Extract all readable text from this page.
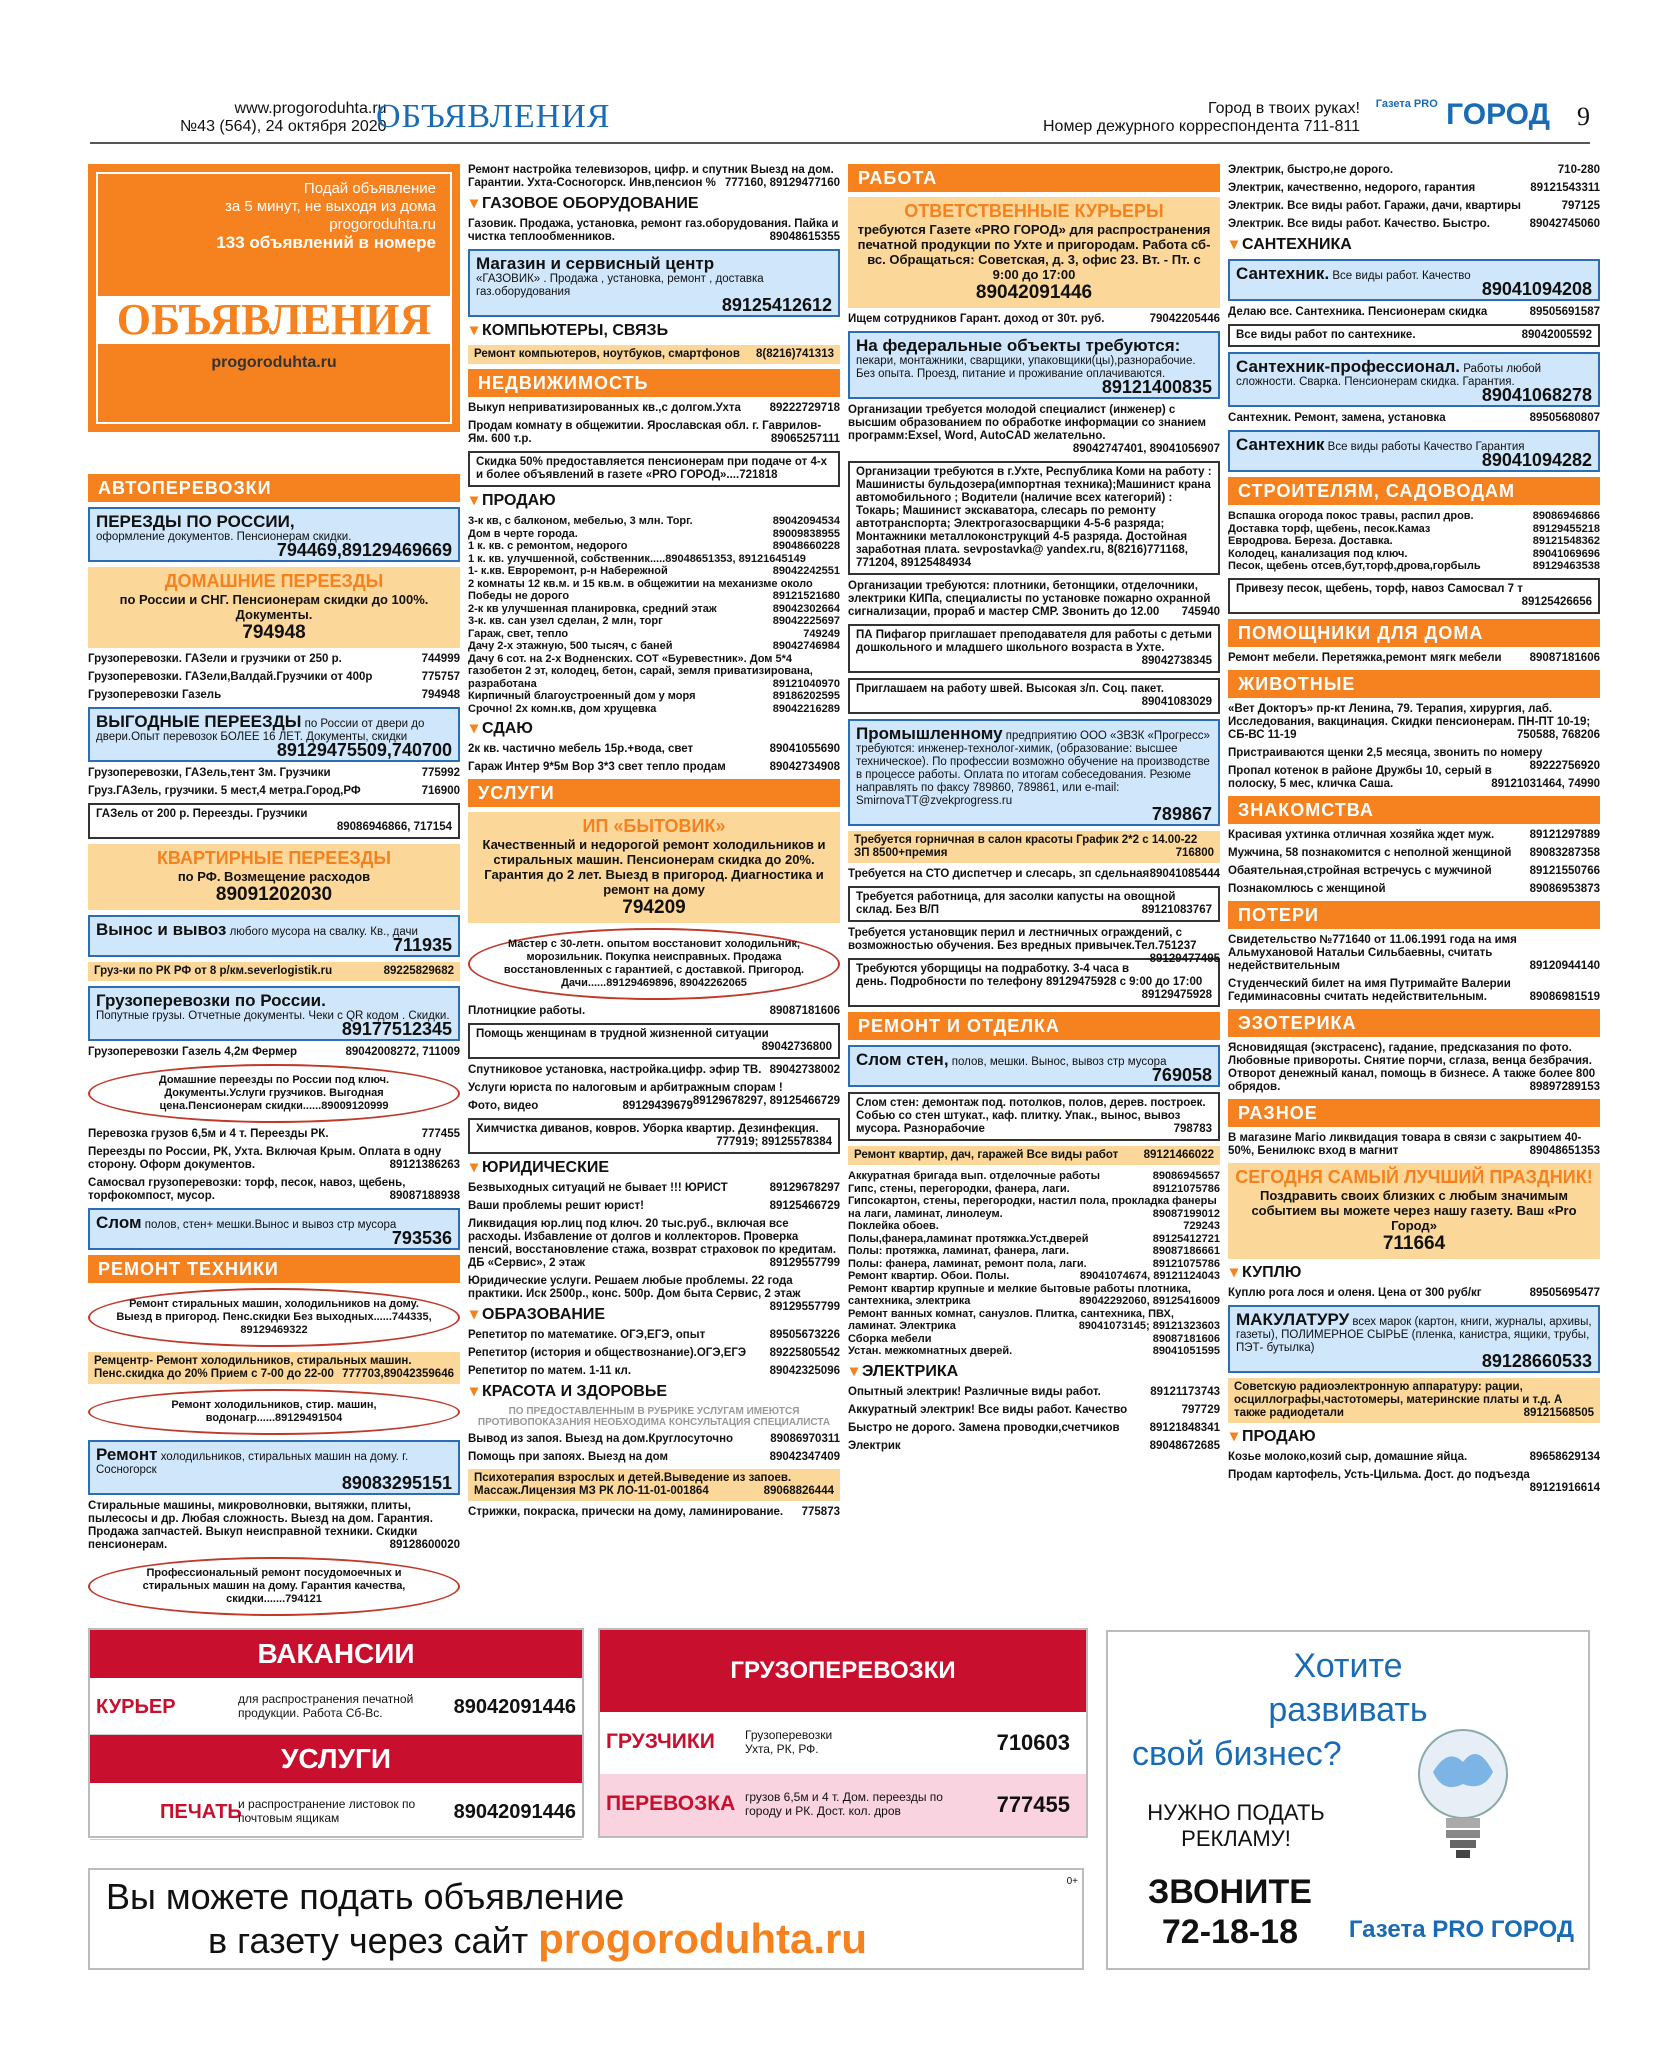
www.progoroduhta.ru
№43 (564), 24 октября 2020
ОБЪЯВЛЕНИЯ	Город в твоих руках!
Номер дежурного корреспондента 711-811
$^{Газета PRO}$ ГОРОД 9
Подай объявление
за 5 минут, не выходя из дома
progoroduhta.ru
133 объявлений в номере
ОБЪЯВЛЕНИЯ
progoroduhta.ru
АВТОПЕРЕВОЗКИ
ПЕРЕЗДЫ ПО РОССИИ,
оформление документов. Пенсионерам скидки.
794469,89129469669
ДОМАШНИЕ ПЕРЕЕЗДЫ
по России и СНГ. Пенсионерам скидки до 100%. Документы.
794948
Грузоперевозки. ГАЗели и грузчики от 250 р.	744999
Грузоперевозки. ГАЗели,Валдай.Грузчики от 400р	775757
Грузоперевозки Газель	794948
ВЫГОДНЫЕ ПЕРЕЕЗДЫ по России от двери до двери.Опыт перевозок БОЛЕЕ 16 ЛЕТ. Документы, скидки
89129475509,740700
Грузоперевозки, ГАЗель,тент 3м. Грузчики	775992
Груз.ГАЗель, грузчики. 5 мест,4 метра.Город,РФ	716900
ГАЗель от 200 р. Переезды. Грузчики
89086946866, 717154
КВАРТИРНЫЕ ПЕРЕЕЗДЫ
по РФ. Возмещение расходов
89091202030
Вынос и вывоз любого мусора на свалку. Кв., дачи
711935
Груз-ки по РК РФ от 8 р/км.severlogistik.ru	89225829682
Грузоперевозки по России.
Попутные грузы. Отчетные документы. Чеки с QR кодом . Скидки.
89177512345
Грузоперевозки Газель 4,2м Фермер	89042008272, 711009
Домашние переезды по России под ключ. Документы.Услуги грузчиков. Выгодная цена.Пенсионерам скидки......89009120999
Перевозка грузов 6,5м и 4 т. Переезды РК.	777455
Переезды по России, РК, Ухта. Включая Крым. Оплата в одну сторону. Оформ документов.	89121386263
Самосвал грузоперевозки: торф, песок, навоз, щебень, торфокомпост, мусор.	89087188938
Слом полов, стен+ мешки.Вынос и вывоз стр мусора
793536
РЕМОНТ ТЕХНИКИ
Ремонт стиральных машин, холодильников на дому. Выезд в пригород. Пенс.скидки Без выходных......744335, 89129469322
Ремцентр- Ремонт холодильников, стиральных машин. Пенс.скидка до 20% Прием с 7-00 до 22-00 777703,89042359646
Ремонт холодильников, стир. машин, водонагр......89129491504
Ремонт холодильников, стиральных машин на дому. г. Сосногорск
89083295151
Стиральные машины, микроволновки, вытяжки, плиты, пылесосы и др. Любая сложность. Выезд на дом. Гарантия. Продажа запчастей. Выкуп неисправной техники. Скидки пенсионерам.	89128600020
Профессиональный ремонт посудомоечных и стиральных машин на дому. Гарантия качества, скидки.......794121
Ремонт настройка телевизоров, цифр. и спутник Выезд на дом. Гарантии. Ухта-Сосногорск. Инв,пенсион % 777160, 89129477160
▾ ГАЗОВОЕ ОБОРУДОВАНИЕ
Газовик. Продажа, установка, ремонт газ.оборудования. Пайка и чистка теплообменников.	89048615355
Магазин и сервисный центр
«ГАЗОВИК» . Продажа , установка, ремонт , доставка газ.оборудования
89125412612
▾ КОМПЬЮТЕРЫ, СВЯЗЬ
Ремонт компьютеров, ноутбуков, смартфонов 8(8216)741313
НЕДВИЖИМОСТЬ
Выкуп неприватизированных кв.,с долгом.Ухта 89222729718
Продам комнату в общежитии. Ярославская обл. г. Гаврилов-Ям. 600 т.р.	89065257111
Скидка 50% предоставляется пенсионерам при подаче от 4-х и более объявлений в газете «PRO ГОРОД»....721818
▾ ПРОДАЮ
3-к кв, с балконом, мебелью, 3 млн. Торг.	89042094534
Дом в черте города.	89009838955
1 к. кв. с ремонтом, недорого	89048660228
1 к. кв. улучшенной, собственник.....89048651353, 89121645149
1- к.кв. Евроремонт, р-н Набережной	89042242551
2 комнаты 12 кв.м. и 15 кв.м. в общежитии на механизме около Победы не дорого	89121521680
2-к кв улучшенная планировка, средний этаж	89042302664
3-к. кв. сан узел сделан, 2 млн, торг	89042225697
Гараж, свет, тепло	749249
Дачу 2-х этажную, 500 тысяч, с баней	89042746984
Дачу 6 сот. на 2-х Водненских. СОТ «Буревестник». Дом 5*4 газобетон 2 эт, колодец, бетон, сарай, земля приватизирована, разработана	89121040970
Кирпичный благоустроенный дом у моря	89186202595
Срочно! 2х комн.кв, дом хрущевка	89042216289
▾ СДАЮ
2к кв. частично мебель 15р.+вода, свет	89041055690
Гараж Интер 9*5м Вор 3*3 свет тепло продам	89042734908
УСЛУГИ
ИП «БЫТОВИК»
Качественный и недорогой ремонт холодильников и стиральных машин. Пенсионерам скидка до 20%. Гарантия до 2 лет. Выезд в пригород. Диагностика и ремонт на дому
794209
Мастер с 30-летн. опытом восстановит холодильник, морозильник. Покупка неисправных. Продажа восстановленных с гарантией, с доставкой. Пригород. Дачи......89129469896, 89042262065
Плотницкие работы.	89087181606
Помощь женщинам в трудной жизненной ситуации
89042736800
Спутниковое установка, настройка.цифр. эфир ТВ. 89042738002
Услуги юриста по налоговым и арбитражным спорам !
89129678297, 89125466729
Фото, видео	89129439679
Химчистка диванов, ковров. Уборка квартир. Дезинфекция.
777919; 89125578384
▾ ЮРИДИЧЕСКИЕ
Безвыходных ситуаций не бывает !!! ЮРИСТ	89129678297
Ваши проблемы решит юрист!	89125466729
Ликвидация юр.лиц под ключ. 20 тыс.руб., включая все расходы. Избавление от долгов и коллекторов. Проверка пенсий, восстановление стажа, возврат страховок по кредитам. ДБ «Сервис», 2 этаж	89129557799
Юридические услуги. Решаем любые проблемы. 22 года практики. Иск 2500р., конс. 500р. Дом быта Сервис, 2 этаж
89129557799
▾ ОБРАЗОВАНИЕ
Репетитор по математике. ОГЭ,ЕГЭ, опыт	89505673226
Репетитор (история и обществознание).ОГЭ,ЕГЭ 89225805542
Репетитор по матем. 1-11 кл.	89042325096
▾ КРАСОТА И ЗДОРОВЬЕ
ПО ПРЕДОСТАВЛЕННЫМ В РУБРИКЕ УСЛУГАМ ИМЕЮТСЯ ПРОТИВОПОКАЗАНИЯ НЕОБХОДИМА КОНСУЛЬТАЦИЯ СПЕЦИАЛИСТА
Вывод из запоя. Выезд на дом.Круглосуточно	89086970311
Помощь при запоях. Выезд на дом	89042347409
Психотерапия взрослых и детей.Выведение из запоев. Массаж.Лицензия МЗ РК ЛО-11-01-001864	89068826444
Стрижки, покраска, прически на дому, ламинирование. 775873
РАБОТА
ОТВЕТСТВЕННЫЕ КУРЬЕРЫ
требуются Газете «PRO ГОРОД» для распространения печатной продукции по Ухте и пригородам. Работа сб-вс. Обращаться: Советская, д. 3, офис 23. Вт. - Пт. с 9:00 до 17:00
89042091446
Ищем сотрудников Гарант. доход от 30т. руб.	79042205446
На федеральные объекты требуются:
пекари, монтажники, сварщики, упаковщики(цы),разнорабочие. Без опыта. Проезд, питание и проживание оплачиваются.
89121400835
Организации требуется молодой специалист (инженер) с высшим образованием по обработке информации со знанием программ:Exsel, Word, AutoCAD желательно.
89042747401, 89041056907
Организации требуются в г.Ухте, Республика Коми на работу : Машинисты бульдозера(импортная техника);Машинист крана автомобильного ; Водители (наличие всех категорий) : Токарь; Машинист экскаватора, слесарь по ремонту автотранспорта; Электрогазосварщики 4-5-6 разряда; Монтажники металлоконструкций 4-5 разряда. Достойная заработная плата. sevpostavka@ yandex.ru, 8(8216)771168, 771204, 89125484934
Организации требуются: плотники, бетонщики, отделочники, электрики КИПа, специалисты по установке пожарно охранной сигнализации, прораб и мастер СМР. Звонить до 12.00 745940
ПА Пифагор приглашает преподавателя для работы с детьми дошкольного и младшего школьного возраста в Ухте.
89042738345
Приглашаем на работу швей. Высокая з/п. Соц. пакет.
89041083029
Промышленному предприятию ООО «ЗВЗК «Прогресс» требуются: инженер-технолог-химик, (образование: высшее техническое). По профессии возможно обучение на производстве в процессе работы. Оплата по итогам собеседования. Резюме направлять по факсу 789860, 789861, или e-mail: SmirnovaTT@zvekprogress.ru
789867
Требуется горничная в салон красоты График 2*2 с 14.00-22 ЗП 8500+премия	716800
Требуется на СТО диспетчер и слесарь, зп сдельная 89041085444
Требуется работница, для засолки капусты на овощной склад. Без В/П	89121083767
Требуется установщик перил и лестничных ограждений, с возможностью обучения. Без вредных привычек.Тел.751237
89129477495
Требуются уборщицы на подработку. 3-4 часа в день. Подробности по телефону 89129475928 с 9:00 до 17:00
89129475928
РЕМОНТ И ОТДЕЛКА
Слом стен, полов, мешки. Вынос, вывоз стр мусора
769058
Слом стен: демонтаж под. потолков, полов, дерев. построек. Собью со стен штукат., каф. плитку. Упак., вынос, вывоз мусора. Разнорабочие	798783
Ремонт квартир, дач, гаражей Все виды работ 89121466022
Аккуратная бригада вып. отделочные работы	89086945657
Гипс, стены, перегородки, фанера, лаги.	89121075786
Гипсокартон, стены, перегородки, настил пола, прокладка фанеры на лаги, ламинат, линолеум.	89087199012
Поклейка обоев.	729243
Полы,фанера,ламинат протяжка.Уст.дверей	89125412721
Полы: протяжка, ламинат, фанера, лаги.	89087186661
Полы: фанера, ламинат, ремонт пола, лаги.	89121075786
Ремонт квартир. Обои. Полы.	89041074674, 89121124043
Ремонт квартир крупные и мелкие бытовые работы плотника, сантехника, электрика	89042292060, 89125416009
Ремонт ванных комнат, санузлов. Плитка, сантехника, ПВХ, ламинат. Электрика	89041073145; 89121323603
Сборка мебели	89087181606
Устан. межкомнатных дверей.	89041051595
▾ ЭЛЕКТРИКА
Опытный электрик! Различные виды работ.	89121173743
Аккуратный электрик! Все виды работ. Качество	797729
Быстро не дорого. Замена проводки,счетчиков	89121848341
Электрик	89048672685
Электрик, быстро,не дорого.	710-280
Электрик, качественно, недорого, гарантия	89121543311
Электрик. Все виды работ. Гаражи, дачи, квартиры	797125
Электрик. Все виды работ. Качество. Быстро.	89042745060
▾ САНТЕХНИКА
Сантехник. Все виды работ. Качество
89041094208
Делаю все. Сантехника. Пенсионерам скидка	89505691587
Все виды работ по сантехнике.	89042005592
Сантехник-профессионал. Работы любой сложности. Сварка. Пенсионерам скидка. Гарантия.
89041068278
Сантехник. Ремонт, замена, установка	89505680807
Сантехник Все виды работы Качество Гарантия
89041094282
СТРОИТЕЛЯМ, САДОВОДАМ
Вспашка огорода покос травы, распил дров.	89086946866
Доставка торф, щебень, песок.Камаз	89129455218
Евродрова. Береза. Доставка.	89121548362
Колодец, канализация под ключ.	89041069696
Песок, щебень отсев,бут,торф,дрова,горбыль	89129463538
Привезу песок, щебень, торф, навоз Самосвал 7 т
89125426656
ПОМОЩНИКИ ДЛЯ ДОМА
Ремонт мебели. Перетяжка,ремонт мягк мебели 89087181606
ЖИВОТНЫЕ
«Вет Докторъ» пр-кт Ленина, 79. Терапия, хирургия, лаб. Исследования, вакцинация. Скидки пенсионерам. ПН-ПТ 10-19; СБ-ВС 11-19	750588, 768206
Пристраиваются щенки 2,5 месяца, звонить по номеру
89222756920
Пропал котенок в районе Дружбы 10, серый в полоску, 5 мес, кличка Саша.	89121031464, 74990
ЗНАКОМСТВА
Красивая ухтинка отличная хозяйка ждет муж.	89121297889
Мужчина, 58 познакомится с неполной женщиной 89083287358
Обаятельная,стройная встречусь с мужчиной	89121550766
Познакомлюсь с женщиной	89086953873
ПОТЕРИ
Свидетельство №771640 от 11.06.1991 года на имя Альмухановой Натальи Сильбаевны, считать недействительным	89120944140
Студенческий билет на имя Путримайте Валерии Гедиминасовны считать недействительным.	89086981519
ЭЗОТЕРИКА
Ясновидящая (экстрасенс), гадание, предсказания по фото. Любовные привороты. Снятие порчи, сглаза, венца безбрачия. Отворот денежный канал, помощь в бизнесе. А также более 800 обрядов.	89897289153
РАЗНОЕ
В магазине Магіо ликвидация товара в связи с закрытием 40-50%, Бенилюкс вход в магнит	89048651353
СЕГОДНЯ САМЫЙ ЛУЧШИЙ ПРАЗДНИК!
Поздравить своих близких с любым значимым событием вы можете через нашу газету. Ваш «Pro Город»
711664
▾ КУПЛЮ
Куплю рога лося и оленя. Цена от 300 руб/кг	89505695477
МАКУЛАТУРУ всех марок (картон, книги, журналы, архивы, газеты), ПОЛИМЕРНОЕ СЫРЬЕ (пленка, канистра, ящики, трубы, ПЭТ- бутылка)
89128660533
Советскую радиоэлектронную аппаратуру: рации, осциллографы,частотомеры, материнские платы и т.д. А также радиодетали	89121568505
▾ ПРОДАЮ
Козье молоко,козий сыр, домашние яйца.	89658629134
Продам картофель, Усть-Цильма. Дост. до подъезда
89121916614
ВАКАНСИИ
КУРЬЕР	для распространения печатной продукции. Работа Сб-Вс.	89042091446
УСЛУГИ
ПЕЧАТЬ
и распространение листовок по почтовым ящикам	89042091446
ГРУЗОПЕРЕВОЗКИ
ГРУЗЧИКИ	Грузоперевозки Ухта, РК, РФ.	710603
ПЕРЕВОЗКА грузов 6,5м и 4 т. Дом. переезды по городу и РК. Дост. кол. дров	777455
Хотите
развивать
свой бизнес?
НУЖНО ПОДАТЬ
РЕКЛАМУ!
ЗВОНИТЕ
72-18-18	Газета PRO ГОРОД
Вы можете подать объявление
в газету через сайт progoroduhta.ru
0+
